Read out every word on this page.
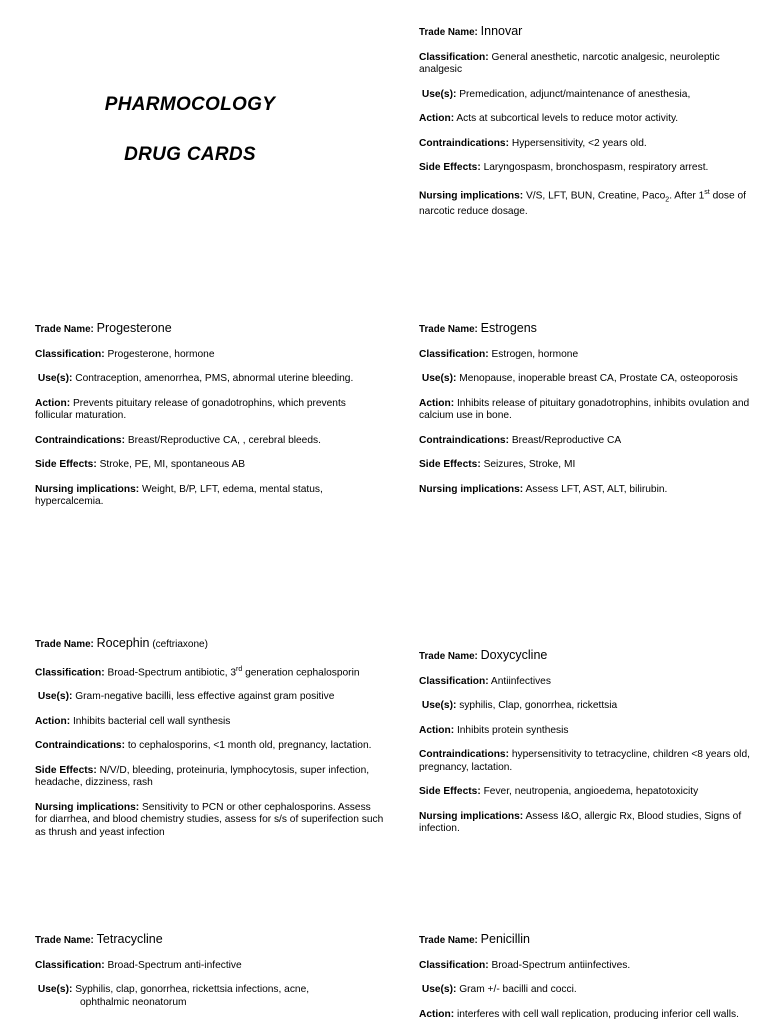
PHARMOCOLOGY
DRUG CARDS
Trade Name: Innovar
Classification: General anesthetic, narcotic analgesic, neuroleptic analgesic
Use(s): Premedication, adjunct/maintenance of anesthesia,
Action: Acts at subcortical levels to reduce motor activity.
Contraindications: Hypersensitivity, <2 years old.
Side Effects: Laryngospasm, bronchospasm, respiratory arrest.
Nursing implications: V/S, LFT, BUN, Creatine, Paco$_2$. After 1st dose of narcotic reduce dosage.
Trade Name: Progesterone
Classification: Progesterone, hormone
Use(s): Contraception, amenorrhea, PMS, abnormal uterine bleeding.
Action: Prevents pituitary release of gonadotrophins, which prevents follicular maturation.
Contraindications: Breast/Reproductive CA, , cerebral bleeds.
Side Effects: Stroke, PE, MI, spontaneous AB
Nursing implications: Weight, B/P, LFT, edema, mental status, hypercalcemia.
Trade Name: Estrogens
Classification: Estrogen, hormone
Use(s): Menopause, inoperable breast CA, Prostate CA, osteoporosis
Action: Inhibits release of pituitary gonadotrophins, inhibits ovulation and calcium use in bone.
Contraindications: Breast/Reproductive CA
Side Effects: Seizures, Stroke, MI
Nursing implications: Assess LFT, AST, ALT, bilirubin.
Trade Name: Rocephin (ceftriaxone)
Classification: Broad-Spectrum antibiotic, 3rd generation cephalosporin
Use(s): Gram-negative bacilli, less effective against gram positive
Action: Inhibits bacterial cell wall synthesis
Contraindications: to cephalosporins, <1 month old, pregnancy, lactation.
Side Effects: N/V/D, bleeding, proteinuria, lymphocytosis, super infection, headache, dizziness, rash
Nursing implications: Sensitivity to PCN or other cephalosporins. Assess for diarrhea, and blood chemistry studies, assess for s/s of superifection such as thrush and yeast infection
Trade Name: Doxycycline
Classification: Antiinfectives
Use(s): syphilis, Clap, gonorrhea, rickettsia
Action: Inhibits protein synthesis
Contraindications: hypersensitivity to tetracycline, children <8 years old, pregnancy, lactation.
Side Effects: Fever, neutropenia, angioedema, hepatotoxicity
Nursing implications: Assess I&O, allergic Rx, Blood studies, Signs of infection.
Trade Name: Tetracycline
Classification: Broad-Spectrum anti-infective
Use(s): Syphilis, clap, gonorrhea, rickettsia infections, acne,
ophthalmic neonatorum
Trade Name: Penicillin
Classification: Broad-Spectrum antiinfectives.
Use(s): Gram +/- bacilli and cocci.
Action: interferes with cell wall replication, producing inferior cell walls.
